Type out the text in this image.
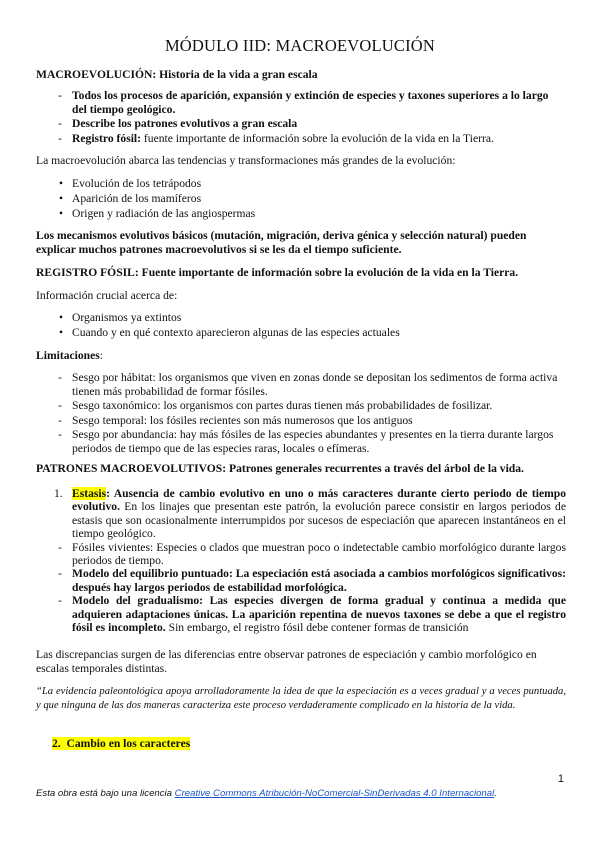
MÓDULO IID: MACROEVOLUCIÓN
MACROEVOLUCIÓN: Historia de la vida a gran escala
- Todos los procesos de aparición, expansión y extinción de especies y taxones superiores a lo largo del tiempo geológico.
- Describe los patrones evolutivos a gran escala
- Registro fósil: fuente importante de información sobre la evolución de la vida en la Tierra.
La macroevolución abarca las tendencias y transformaciones más grandes de la evolución:
• Evolución de los tetrápodos
• Aparición de los mamíferos
• Origen y radiación de las angiospermas
Los mecanismos evolutivos básicos (mutación, migración, deriva génica y selección natural) pueden explicar muchos patrones macroevolutivos si se les da el tiempo suficiente.
REGISTRO FÓSIL: Fuente importante de información sobre la evolución de la vida en la Tierra.
Información crucial acerca de:
• Organismos ya extintos
• Cuando y en qué contexto aparecieron algunas de las especies actuales
Limitaciones:
- Sesgo por hábitat: los organismos que viven en zonas donde se depositan los sedimentos de forma activa tienen más probabilidad de formar fósiles.
- Sesgo taxonómico: los organismos con partes duras tienen más probabilidades de fosilizar.
- Sesgo temporal: los fósiles recientes son más numerosos que los antiguos
- Sesgo por abundancia: hay más fósiles de las especies abundantes y presentes en la tierra durante largos periodos de tiempo que de las especies raras, locales o efímeras.
PATRONES MACROEVOLUTIVOS: Patrones generales recurrentes a través del árbol de la vida.
1. Estasis: Ausencia de cambio evolutivo en uno o más caracteres durante cierto periodo de tiempo evolutivo. En los linajes que presentan este patrón, la evolución parece consistir en largos periodos de estasis que son ocasionalmente interrumpidos por sucesos de especiación que aparecen instantáneos en el tiempo geológico.
- Fósiles vivientes: Especies o clados que muestran poco o indetectable cambio morfológico durante largos periodos de tiempo.
- Modelo del equilibrio puntuado: La especiación está asociada a cambios morfológicos significativos: después hay largos periodos de estabilidad morfológica.
- Modelo del gradualismo: Las especies divergen de forma gradual y continua a medida que adquieren adaptaciones únicas. La aparición repentina de nuevos taxones se debe a que el registro fósil es incompleto. Sin embargo, el registro fósil debe contener formas de transición
Las discrepancias surgen de las diferencias entre observar patrones de especiación y cambio morfológico en escalas temporales distintas.
“La evidencia paleontológica apoya arrolladoramente la idea de que la especiación es a veces gradual y a veces puntuada, y que ninguna de las dos maneras caracteriza este proceso verdaderamente complicado en la historia de la vida.
2. Cambio en los caracteres
1
Esta obra está bajo una licencia Creative Commons Atribución-NoComercial-SinDerivadas 4.0 Internacional.
